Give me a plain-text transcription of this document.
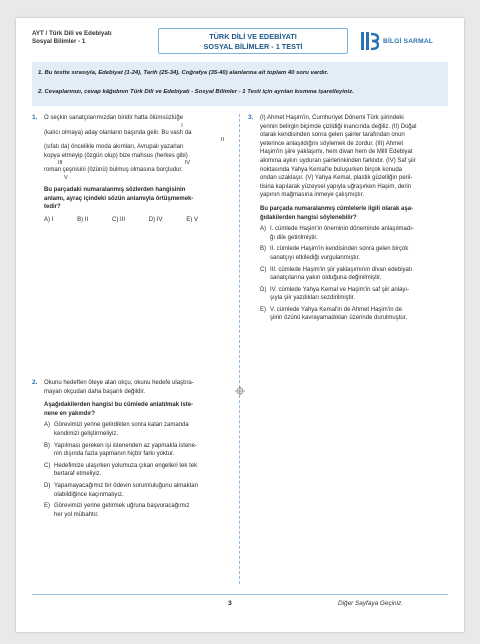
AYT / Türk Dili ve Edebiyatı
Sosyal Bilimler - 1
TÜRK DİLİ VE EDEBİYATI
SOSYAL BİLİMLER - 1 TESTİ
BİLGİ SARMAL

1. Bu testte sırasıyla, Edebiyat (1-24), Tarih (25-34), Coğrafya (35-40) alanlarına ait toplam 40 soru vardır.

2. Cevaplarınızı, cevap kâğıdının Türk Dili ve Edebiyatı - Sosyal Bilimler - 1 Testi için ayrılan kısmına işaretleyiniz.

1. O seçkin sanatçılarımızdan biridir hatta ölümsüzlüğe
I
(kalıcı olmaya) aday olanların başında gelir. Bu vasfı da
II
(sıfatı da) öncelikle moda akımları, Avrupalı yazarları
kopya etmeyip (özgün olup) bize mahsus (herkes gibi)
III	IV
roman çeşnisini (özünü) bulmuş olmasına borçludur.
V
Bu parçadaki numaralanmış sözlerden hangisinin
anlamı, ayraç içindeki sözün anlamıyla örtüşmemek-
tedir?
A) I	B) II	C) III	D) IV	E) V
2. Okunu hedeften öteye atan okçu, okunu hedefe ulaştıra-
mayan okçudan daha başarılı değildir.
Aşağıdakilerden hangisi bu cümlede anlatılmak iste-
nene en yakındır?
A) Görevimizi yerine getirdikten sonra kalan zamanda
kendimizi geliştirmeliyiz.
B) Yapılması gereken işi istenenden az yapmakla istene-
nin dışında fazla yapmanın hiçbir farkı yoktur.
C) Hedefimize ulaşırken yolumuza çıkan engelleri tek tek
bertaraf etmeliyiz.
D) Yapamayacağımız bir ödevin sorumluluğunu almaktan
olabildiğince kaçınmalıyız.
E) Görevimizi yerine getirmek uğruna başvuracağımız
her yol mübahtır.
3. (I) Ahmet Haşim'in, Cumhuriyet Dönemi Türk şiirindeki
yerinin belirgin biçimde çizildiği inancında değiliz. (II) Doğal
olarak kendisinden sonra gelen şairler tarafından onun
yeterince anlaşıldığını söylemek de zordur. (III) Ahmet
Haşim'in şiire yaklaşımı, hem divan hem de Millî Edebiyat
akımına aykırı uyduran şairlerinkinden farklıdır. (IV) Saf şiir
noktasında Yahya Kemal'le buluşurken birçok konuda
ondan uzaklaşır. (V) Yahya Kemal, plastik güzelliğin peril-
tisina kapılarak yüzeysel yapıyla uğraşırken Haşim, derin
yapının mağmasına inmeye çalışmıştır.
Bu parçada numaralanmış cümlelerle ilgili olarak aşa-
ğıdakilerden hangisi söylenebilir?
A) I. cümlede Haşim'in öneminin döneminde anlaşılmadı-
ğı dile getirilmiştir.
B) II. cümlede Haşim'in kendisinden sonra gelen birçok
sanatçıyı etkilediği vurgulanmıştır.
C) III. cümlede Haşim'in şiir yaklaşımının divan edebiyatı
sanatçılarına yakın olduğuna değinilmiştir.
D) IV. cümlede Yahya Kemal ve Haşim'in saf şiir anlayı-
şıyla şiir yazdıkları sezdirilmiştir.
E) V. cümlede Yahya Kemal'in de Ahmet Haşim'in de
şiirin özünü kavrayamadıkları üzerinde durulmuştur.
3	Diğer Sayfaya Geçiniz.
